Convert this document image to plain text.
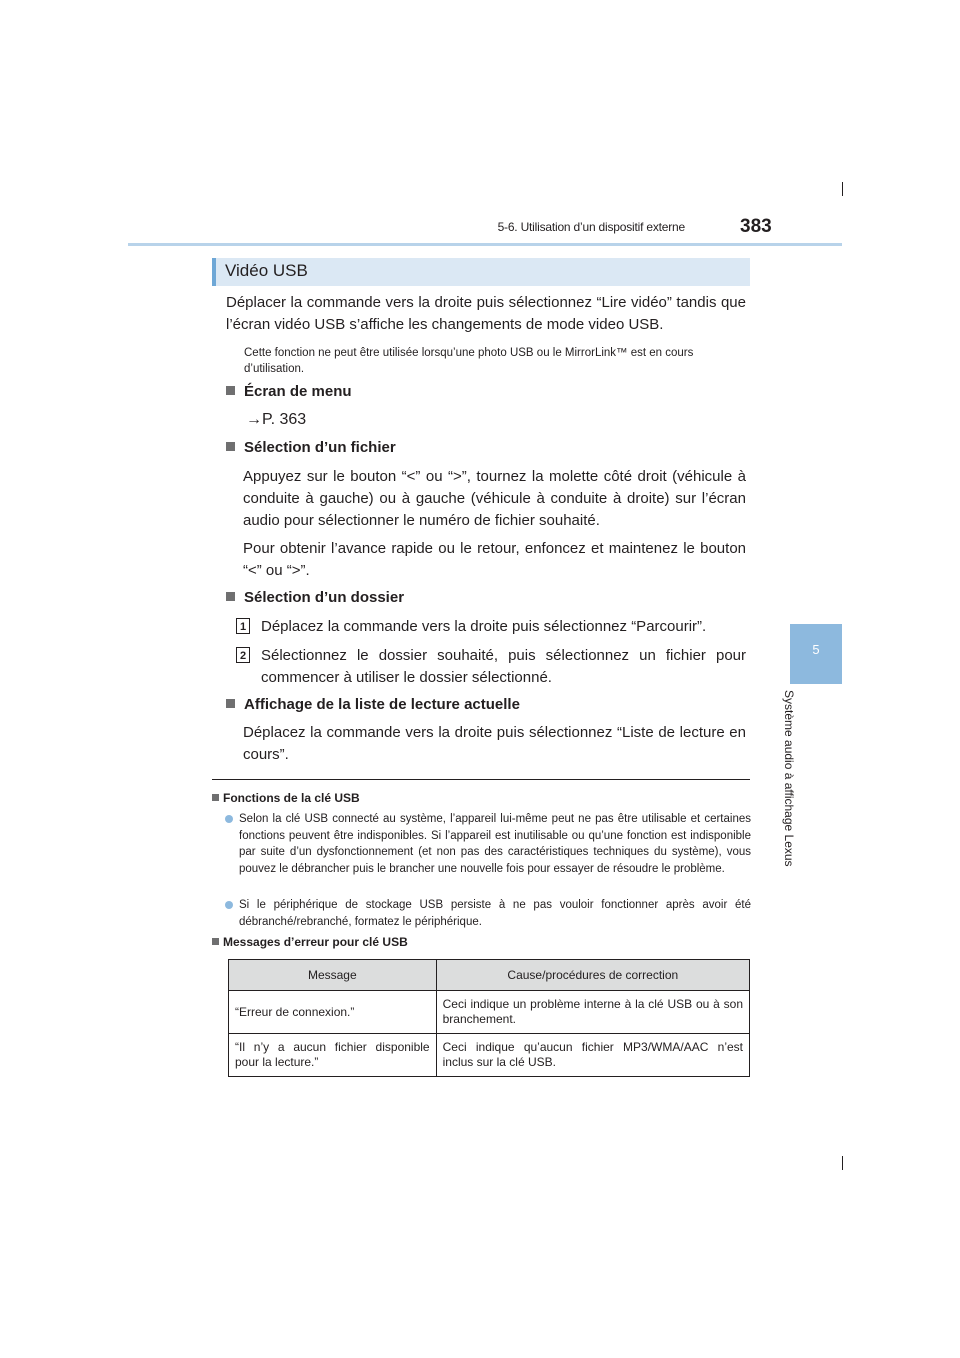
5-6. Utilisation d’un dispositif externe	383
5
Système audio à affichage Lexus
Vidéo USB
Déplacer la commande vers la droite puis sélectionnez “Lire vidéo” tandis que l’écran vidéo USB s’affiche les changements de mode video USB.
Cette fonction ne peut être utilisée lorsqu’une photo USB ou le MirrorLink™ est en cours d’utilisation.
Écran de menu
→P. 363
Sélection d’un fichier
Appuyez sur le bouton “<” ou “>”, tournez la molette côté droit (véhicule à conduite à gauche) ou à gauche (véhicule à conduite à droite) sur l’écran audio pour sélectionner le numéro de fichier souhaité.
Pour obtenir l’avance rapide ou le retour, enfoncez et maintenez le bouton “<” ou “>”.
Sélection d’un dossier
1 Déplacez la commande vers la droite puis sélectionnez “Parcourir”.
2 Sélectionnez le dossier souhaité, puis sélectionnez un fichier pour commencer à utiliser le dossier sélectionné.
Affichage de la liste de lecture actuelle
Déplacez la commande vers la droite puis sélectionnez “Liste de lecture en cours”.
Fonctions de la clé USB
Selon la clé USB connecté au système, l’appareil lui-même peut ne pas être utilisable et certaines fonctions peuvent être indisponibles. Si l’appareil est inutilisable ou qu’une fonction est indisponible par suite d’un dysfonctionnement (et non pas des caractéristiques techniques du système), vous pouvez le débrancher puis le brancher une nouvelle fois pour essayer de résoudre le problème.
Si le périphérique de stockage USB persiste à ne pas vouloir fonctionner après avoir été débranché/rebranché, formatez le périphérique.
Messages d’erreur pour clé USB
Message	Cause/procédures de correction
“Erreur de connexion.”	Ceci indique un problème interne à la clé USB ou à son branchement.
“Il n’y a aucun fichier disponible pour la lecture.”	Ceci indique qu’aucun fichier MP3/WMA/AAC n’est inclus sur la clé USB.
